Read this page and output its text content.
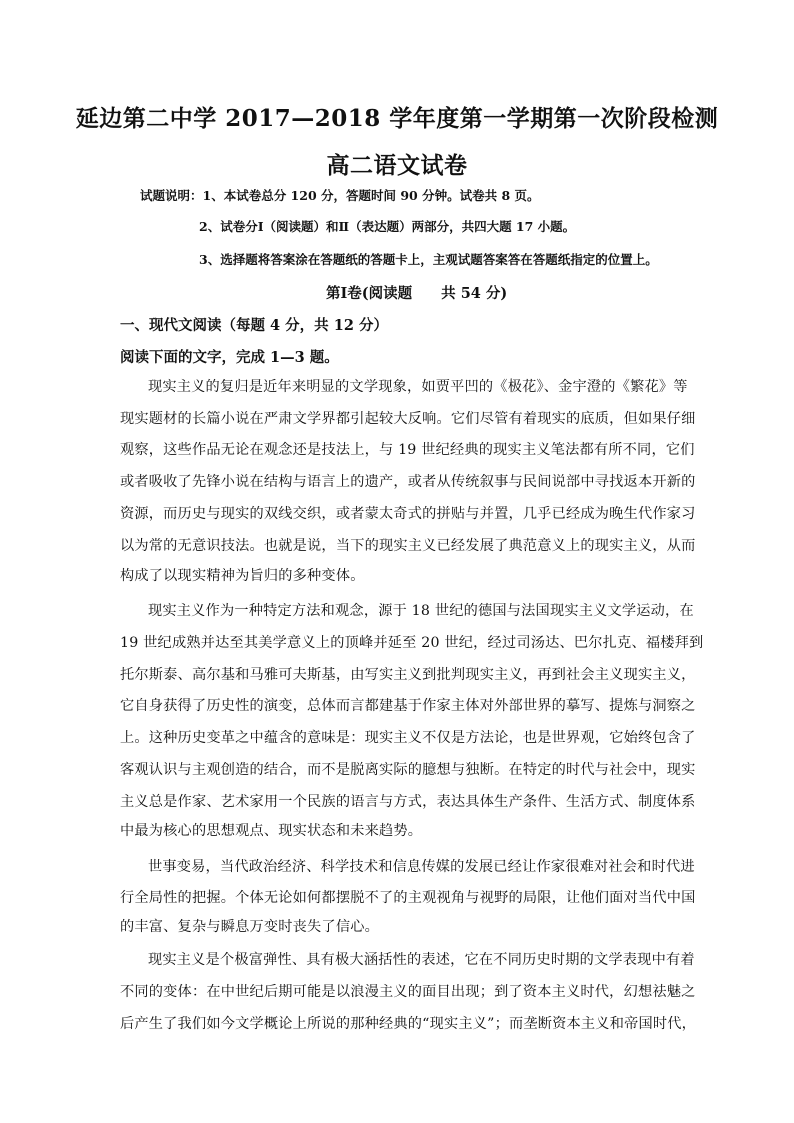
延边第二中学 2017—2018 学年度第一学期第一次阶段检测
高二语文试卷
试题说明：1、本试卷总分 120 分，答题时间 90 分钟。试卷共 8 页。
2、试卷分Ⅰ（阅读题）和Ⅱ（表达题）两部分，共四大题 17 小题。
3、选择题将答案涂在答题纸的答题卡上，主观试题答案答在答题纸指定的位置上。
第Ⅰ卷(阅读题　　共 54 分)
一、现代文阅读（每题 4 分，共 12 分）
阅读下面的文字，完成 1—3 题。
现实主义的复归是近年来明显的文学现象，如贾平凹的《极花》、金宇澄的《繁花》等
现实题材的长篇小说在严肃文学界都引起较大反响。它们尽管有着现实的底质，但如果仔细
观察，这些作品无论在观念还是技法上，与 19 世纪经典的现实主义笔法都有所不同，它们
或者吸收了先锋小说在结构与语言上的遗产，或者从传统叙事与民间说部中寻找返本开新的
资源，而历史与现实的双线交织，或者蒙太奇式的拼贴与并置，几乎已经成为晚生代作家习
以为常的无意识技法。也就是说，当下的现实主义已经发展了典范意义上的现实主义，从而
构成了以现实精神为旨归的多种变体。
现实主义作为一种特定方法和观念，源于 18 世纪的德国与法国现实主义文学运动，在
19 世纪成熟并达至其美学意义上的顶峰并延至 20 世纪，经过司汤达、巴尔扎克、福楼拜到
托尔斯泰、高尔基和马雅可夫斯基，由写实主义到批判现实主义，再到社会主义现实主义，
它自身获得了历史性的演变，总体而言都建基于作家主体对外部世界的摹写、提炼与洞察之
上。这种历史变革之中蕴含的意味是：现实主义不仅是方法论，也是世界观，它始终包含了
客观认识与主观创造的结合，而不是脱离实际的臆想与独断。在特定的时代与社会中，现实
主义总是作家、艺术家用一个民族的语言与方式，表达具体生产条件、生活方式、制度体系
中最为核心的思想观点、现实状态和未来趋势。
世事变易，当代政治经济、科学技术和信息传媒的发展已经让作家很难对社会和时代进
行全局性的把握。个体无论如何都摆脱不了的主观视角与视野的局限，让他们面对当代中国
的丰富、复杂与瞬息万变时丧失了信心。
现实主义是个极富弹性、具有极大涵括性的表述，它在不同历史时期的文学表现中有着
不同的变体：在中世纪后期可能是以浪漫主义的面目出现；到了资本主义时代，幻想祛魅之
后产生了我们如今文学概论上所说的那种经典的“现实主义”；而垄断资本主义和帝国时代，
